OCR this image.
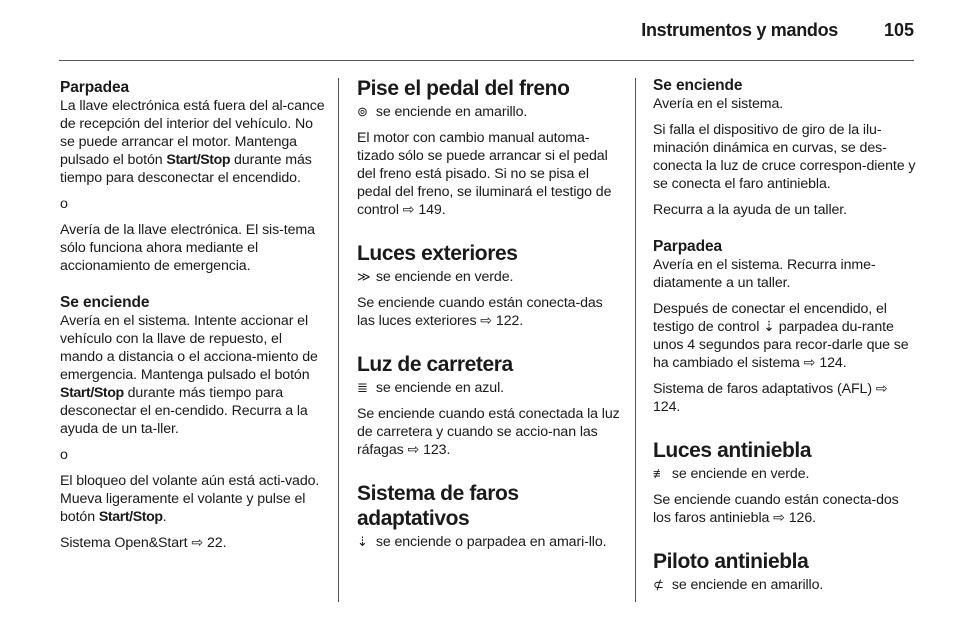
Instrumentos y mandos	105
Parpadea

La llave electrónica está fuera del al-cance de recepción del interior del vehículo. No se puede arrancar el motor. Mantenga pulsado el botón Start/Stop durante más tiempo para desconectar el encendido.

o

Avería de la llave electrónica. El sis-tema sólo funciona ahora mediante el accionamiento de emergencia.

Se enciende

Avería en el sistema. Intente accionar el vehículo con la llave de repuesto, el mando a distancia o el acciona-miento de emergencia. Mantenga pulsado el botón Start/Stop durante más tiempo para desconectar el en-cendido. Recurra a la ayuda de un ta-ller.

o

El bloqueo del volante aún está acti-vado. Mueva ligeramente el volante y pulse el botón Start/Stop.

Sistema Open&Start ⇨ 22.

Pise el pedal del freno

⊚ se enciende en amarillo.

El motor con cambio manual automa-tizado sólo se puede arrancar si el pedal del freno está pisado. Si no se pisa el pedal del freno, se iluminará el testigo de control ⇨ 149.

Luces exteriores

≫ se enciende en verde.

Se enciende cuando están conecta-das las luces exteriores ⇨ 122.

Luz de carretera

≣ se enciende en azul.

Se enciende cuando está conectada la luz de carretera y cuando se accio-nan las ráfagas ⇨ 123.

Sistema de faros adaptativos

⇣ se enciende o parpadea en amari-llo.

Se enciende

Avería en el sistema.

Si falla el dispositivo de giro de la ilu-minación dinámica en curvas, se des-conecta la luz de cruce correspon-diente y se conecta el faro antiniebla.

Recurra a la ayuda de un taller.

Parpadea

Avería en el sistema. Recurra inme-diatamente a un taller.

Después de conectar el encendido, el testigo de control ⇣ parpadea du-rante unos 4 segundos para recor-darle que se ha cambiado el sistema ⇨ 124.

Sistema de faros adaptativos (AFL) ⇨ 124.

Luces antiniebla

≢ se enciende en verde.

Se enciende cuando están conecta-dos los faros antiniebla ⇨ 126.

Piloto antiniebla

⊄ se enciende en amarillo.
